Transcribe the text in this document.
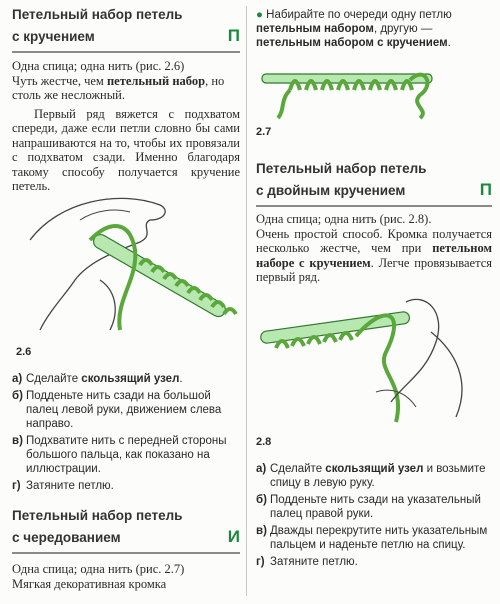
Петельный набор петель
с кручением	П
Одна спица; одна нить (рис. 2.6)
Чуть жестче, чем петельный набор, но
столь же несложный.
Первый ряд вяжется с подхватом спереди, даже если петли словно бы сами напрашиваются на то, чтобы их провязали с подхватом сзади. Именно благодаря такому способу получается кручение петель.
2.6
а) Сделайте скользящий узел.
б) Подденьте нить сзади на большой палец левой руки, движением слева направо.
в) Подхватите нить с передней стороны большого пальца, как показано на иллюстрации.
г) Затяните петлю.
Петельный набор петель
с чередованием	И
Одна спица; одна нить (рис. 2.7)
Мягкая декоративная кромка
● Набирайте по очереди одну петлю петельным набором, другую — петельным набором с кручением.
2.7
Петельный набор петель
с двойным кручением	П
Одна спица; одна нить (рис. 2.8).
Очень простой способ. Кромка получается несколько жестче, чем при петельном наборе с кручением. Легче провязывается первый ряд.
2.8
а) Сделайте скользящий узел и возьмите спицу в левую руку.
б) Подденьте нить сзади на указательный палец правой руки.
в) Дважды перекрутите нить указательным пальцем и наденьте петлю на спицу.
г) Затяните петлю.
